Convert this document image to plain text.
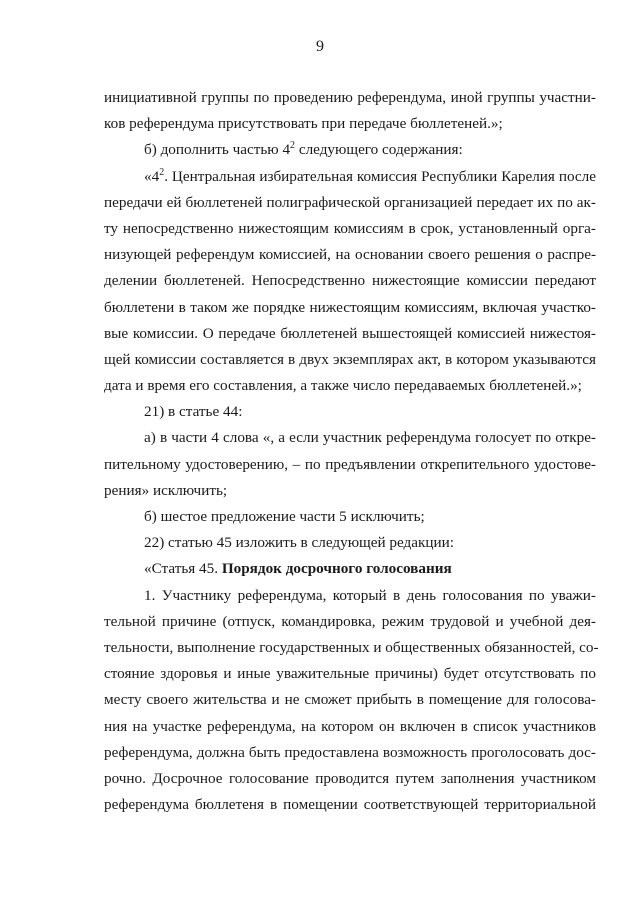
9
инициативной группы по проведению референдума, иной группы участни-
ков референдума присутствовать при передаче бюллетеней.»;
б) дополнить частью $4^2$ следующего содержания:
«$4^2$. Центральная избирательная комиссия Республики Карелия после
передачи ей бюллетеней полиграфической организацией передает их по ак-
ту непосредственно нижестоящим комиссиям в срок, установленный орга-
низующей референдум комиссией, на основании своего решения о распре-
делении бюллетеней. Непосредственно нижестоящие комиссии передают
бюллетени в таком же порядке нижестоящим комиссиям, включая участко-
вые комиссии. О передаче бюллетеней вышестоящей комиссией нижестоя-
щей комиссии составляется в двух экземплярах акт, в котором указываются
дата и время его составления, а также число передаваемых бюллетеней.»;
21) в статье 44:
а) в части 4 слова «, а если участник референдума голосует по откре-
пительному удостоверению, – по предъявлении открепительного удостове-
рения» исключить;
б) шестое предложение части 5 исключить;
22) статью 45 изложить в следующей редакции:
«Статья 45. Порядок досрочного голосования
1. Участнику референдума, который в день голосования по уважи-
тельной причине (отпуск, командировка, режим трудовой и учебной дея-
тельности, выполнение государственных и общественных обязанностей, со-
стояние здоровья и иные уважительные причины) будет отсутствовать по
месту своего жительства и не сможет прибыть в помещение для голосова-
ния на участке референдума, на котором он включен в список участников
референдума, должна быть предоставлена возможность проголосовать дос-
рочно. Досрочное голосование проводится путем заполнения участником
референдума бюллетеня в помещении соответствующей территориальной
